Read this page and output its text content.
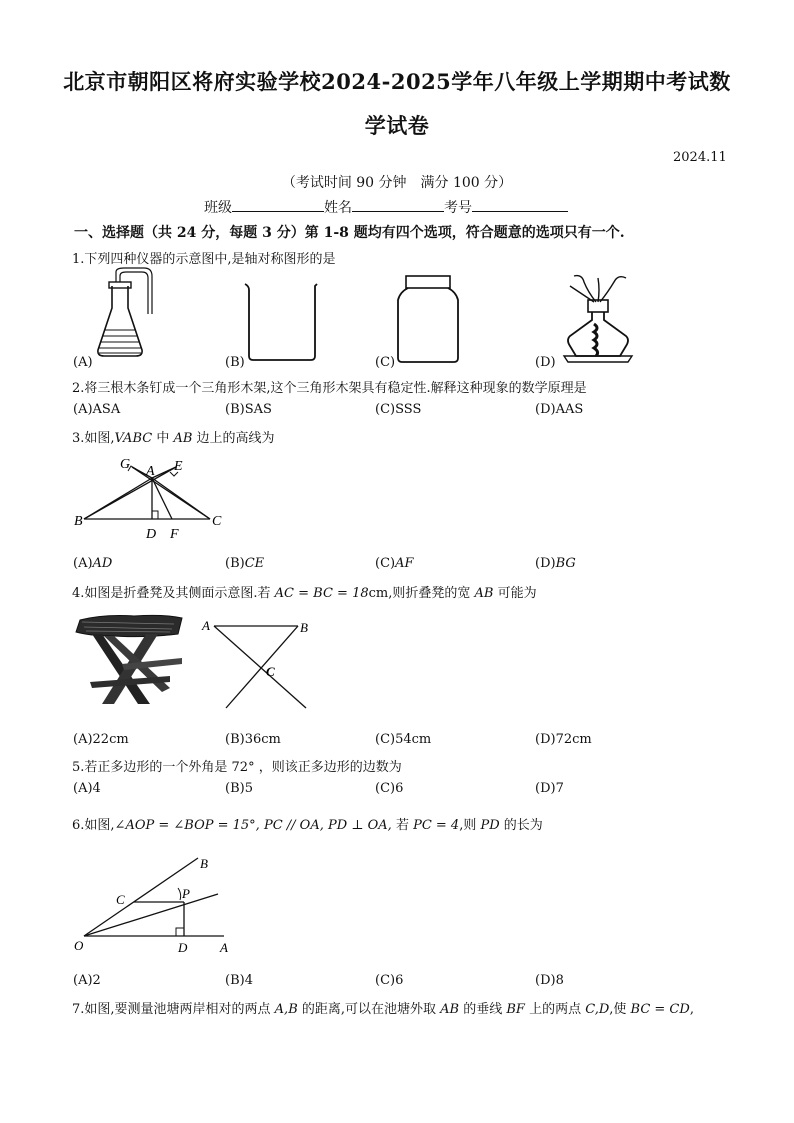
北京市朝阳区将府实验学校2024-2025学年八年级上学期期中考试数
学试卷
2024.11
（考试时间 90 分钟　满分 100 分）
班级	姓名	考号
一、选择题（共 24 分，每题 3 分）第 1-8 题均有四个选项，符合题意的选项只有一个.
1.下列四种仪器的示意图中,是轴对称图形的是
(A)	(B)	(C)	(D)
2.将三根木条钉成一个三角形木架,这个三角形木架具有稳定性.解释这种现象的数学原理是
(A)ASA	(B)SAS	(C)SSS	(D)AAS
3.如图,VABC 中 AB 边上的高线为
G A E
B	C
D F
(A)AD	(B)CE	(C)AF	(D)BG
4.如图是折叠凳及其侧面示意图.若 AC = BC = 18cm,则折叠凳的宽 AB 可能为
A	B
C
(A)22cm	(B)36cm	(C)54cm	(D)72cm
5.若正多边形的一个外角是 72° ，则该正多边形的边数为
(A)4	(B)5	(C)6	(D)7
6.如图,∠AOP = ∠BOP = 15°, PC // OA, PD ⊥ OA, 若 PC = 4,则 PD 的长为
B
C	P
O	D	A
(A)2	(B)4	(C)6	(D)8
7.如图,要测量池塘两岸相对的两点 A,B 的距离,可以在池塘外取 AB 的垂线 BF 上的两点 C,D,使 BC = CD,
